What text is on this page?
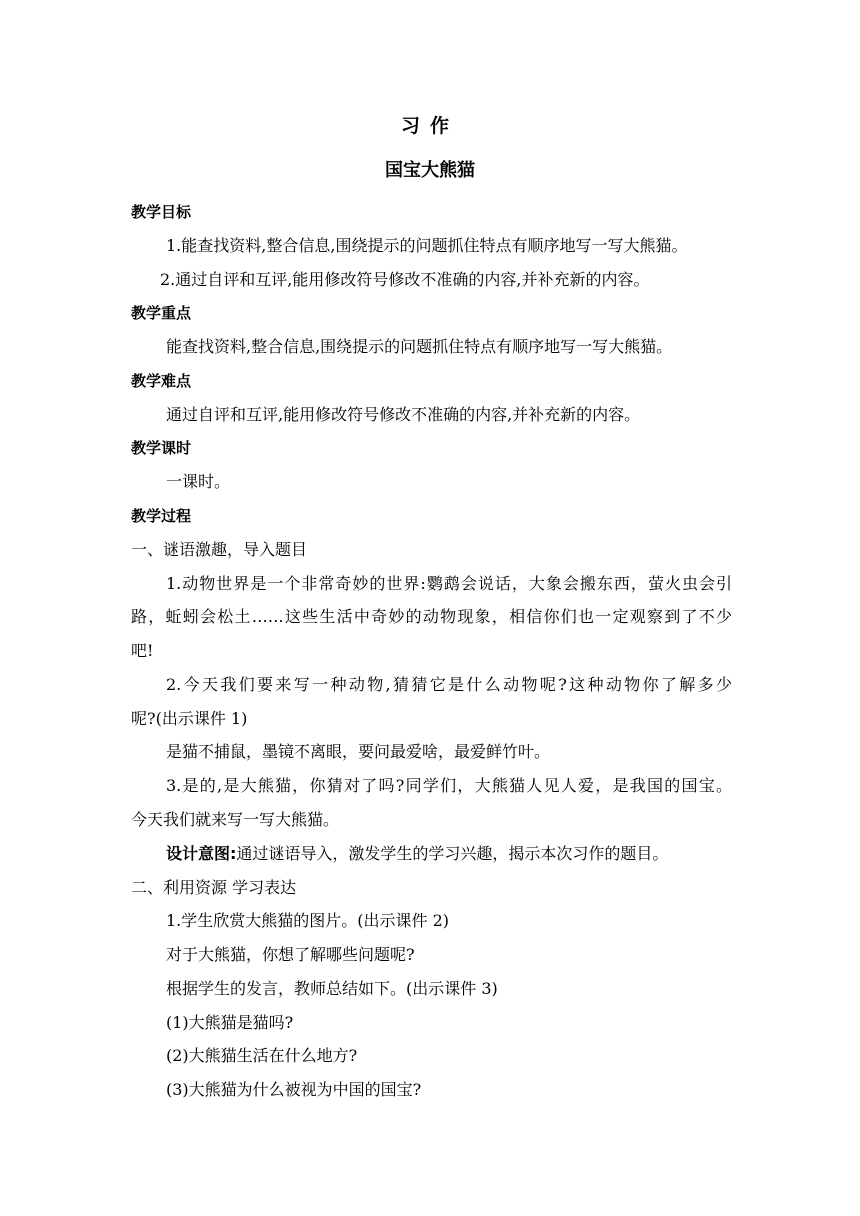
习作
国宝大熊猫
教学目标
1.能查找资料,整合信息,围绕提示的问题抓住特点有顺序地写一写大熊猫。
2.通过自评和互评,能用修改符号修改不准确的内容,并补充新的内容。
教学重点
能查找资料,整合信息,围绕提示的问题抓住特点有顺序地写一写大熊猫。
教学难点
通过自评和互评,能用修改符号修改不准确的内容,并补充新的内容。
教学课时
一课时。
教学过程
一、谜语激趣，导入题目
1.动物世界是一个非常奇妙的世界:鹦鹉会说话，大象会搬东西，萤火虫会引
路，蚯蚓会松土……这些生活中奇妙的动物现象，相信你们也一定观察到了不少
吧!
2.今天我们要来写一种动物,猜猜它是什么动物呢?这种动物你了解多少
呢?(出示课件 1)
是猫不捕鼠，墨镜不离眼，要问最爱啥，最爱鲜竹叶。
3.是的,是大熊猫，你猜对了吗?同学们，大熊猫人见人爱，是我国的国宝。
今天我们就来写一写大熊猫。
设计意图:通过谜语导入，激发学生的学习兴趣，揭示本次习作的题目。
二、利用资源 学习表达
1.学生欣赏大熊猫的图片。(出示课件 2)
对于大熊猫，你想了解哪些问题呢?
根据学生的发言，教师总结如下。(出示课件 3)
(1)大熊猫是猫吗?
(2)大熊猫生活在什么地方?
(3)大熊猫为什么被视为中国的国宝?
